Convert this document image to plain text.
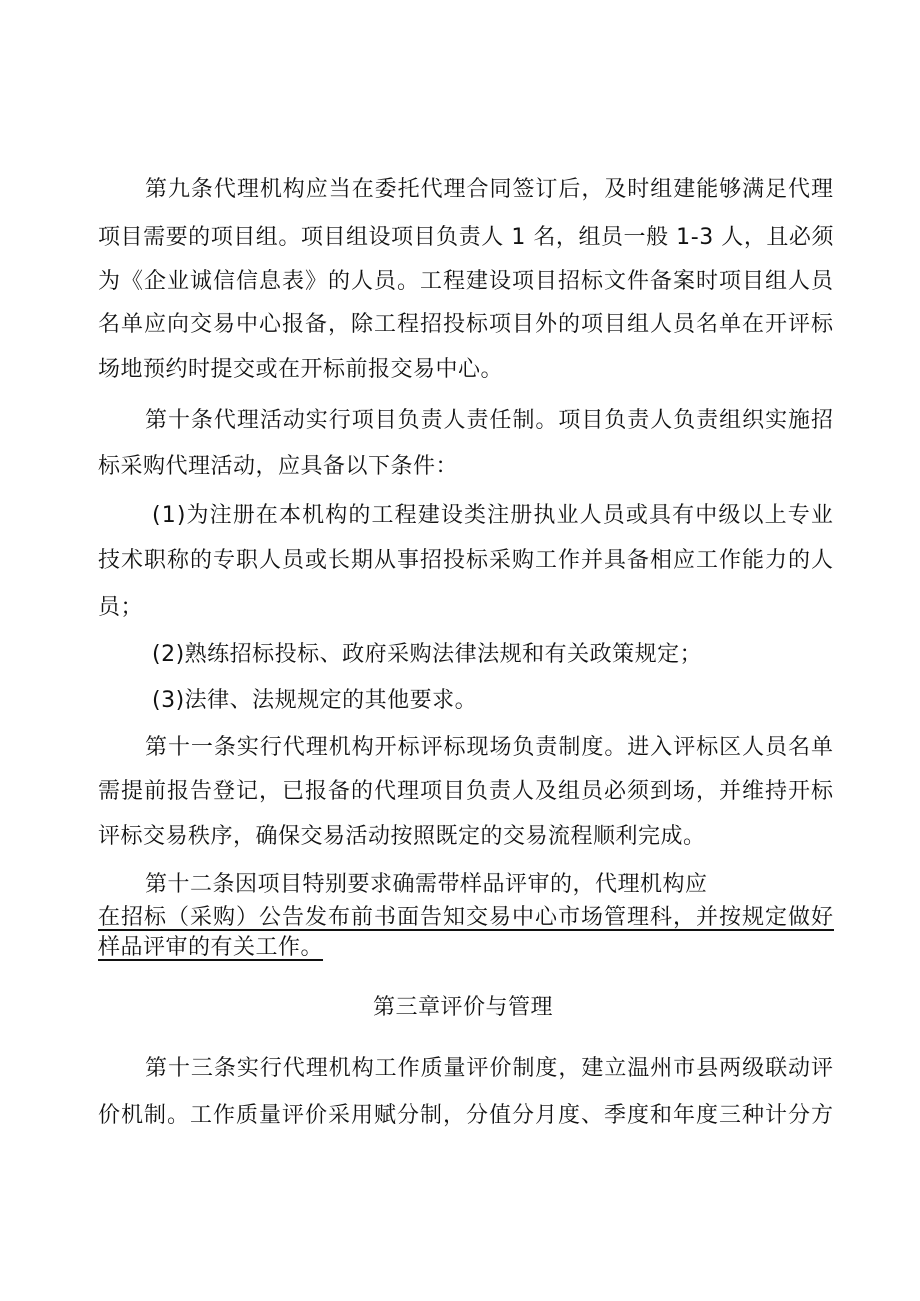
第九条代理机构应当在委托代理合同签订后，及时组建能够满足代理

项目需要的项目组。项目组设项目负责人 1 名，组员一般 1-3 人，且必须

为《企业诚信信息表》的人员。工程建设项目招标文件备案时项目组人员

名单应向交易中心报备，除工程招投标项目外的项目组人员名单在开评标

场地预约时提交或在开标前报交易中心。

第十条代理活动实行项目负责人责任制。项目负责人负责组织实施招

标采购代理活动，应具备以下条件：

(1)为注册在本机构的工程建设类注册执业人员或具有中级以上专业

技术职称的专职人员或长期从事招投标采购工作并具备相应工作能力的人

员；

(2)熟练招标投标、政府采购法律法规和有关政策规定；

(3)法律、法规规定的其他要求。

第十一条实行代理机构开标评标现场负责制度。进入评标区人员名单

需提前报告登记，已报备的代理项目负责人及组员必须到场，并维持开标

评标交易秩序，确保交易活动按照既定的交易流程顺利完成。

第十二条因项目特别要求确需带样品评审的，代理机构应

在招标（采购）公告发布前书面告知交易中心市场管理科，并按规定做好

样品评审的有关工作。

第三章评价与管理

第十三条实行代理机构工作质量评价制度，建立温州市县两级联动评

价机制。工作质量评价采用赋分制，分值分月度、季度和年度三种计分方
